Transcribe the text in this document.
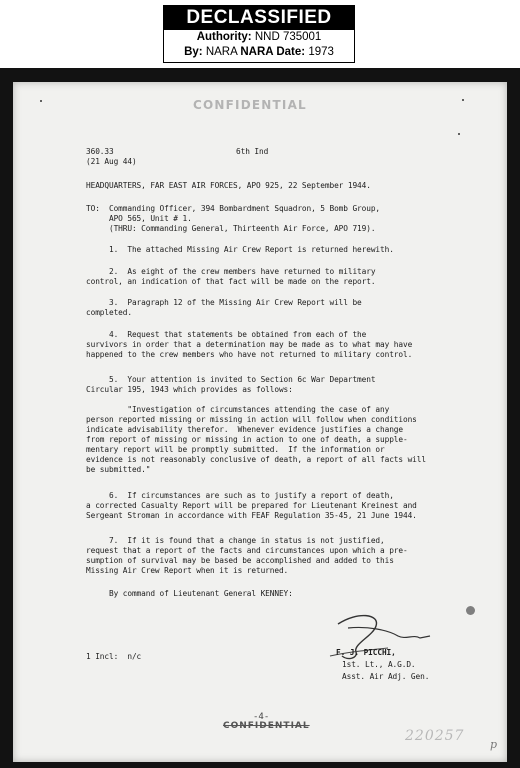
DECLASSIFIED
Authority: NND 735001
By: NARA NARA Date: 1973
CONFIDENTIAL
360.33
(21 Aug 44)
6th Ind
HEADQUARTERS, FAR EAST AIR FORCES, APO 925, 22 September 1944.
TO:  Commanding Officer, 394 Bombardment Squadron, 5 Bomb Group,
APO 565, Unit # 1.
(THRU: Commanding General, Thirteenth Air Force, APO 719).
1.  The attached Missing Air Crew Report is returned herewith.
2.  As eight of the crew members have returned to military
control, an indication of that fact will be made on the report.
3.  Paragraph 12 of the Missing Air Crew Report will be
completed.
4.  Request that statements be obtained from each of the
survivors in order that a determination may be made as to what may have
happened to the crew members who have not returned to military control.
5.  Your attention is invited to Section 6c War Department
Circular 195, 1943 which provides as follows:
"Investigation of circumstances attending the case of any
person reported missing or missing in action will follow when conditions
indicate advisability therefor.  Whenever evidence justifies a change
from report of missing or missing in action to one of death, a supple-
mentary report will be promptly submitted.  If the information or
evidence is not reasonably conclusive of death, a report of all facts will
be submitted."
6.  If circumstances are such as to justify a report of death,
a corrected Casualty Report will be prepared for Lieutenant Kreinest and
Sergeant Stroman in accordance with FEAF Regulation 35-45, 21 June 1944.
7.  If it is found that a change in status is not justified,
request that a report of the facts and circumstances upon which a pre-
sumption of survival may be based be accomplished and added to this
Missing Air Crew Report when it is returned.
By command of Lieutenant General KENNEY:
1 Incl:  n/c	F. J. PICCHI,
1st. Lt., A.G.D.
Asst. Air Adj. Gen.
-4-
CONFIDENTIAL
220257
p
